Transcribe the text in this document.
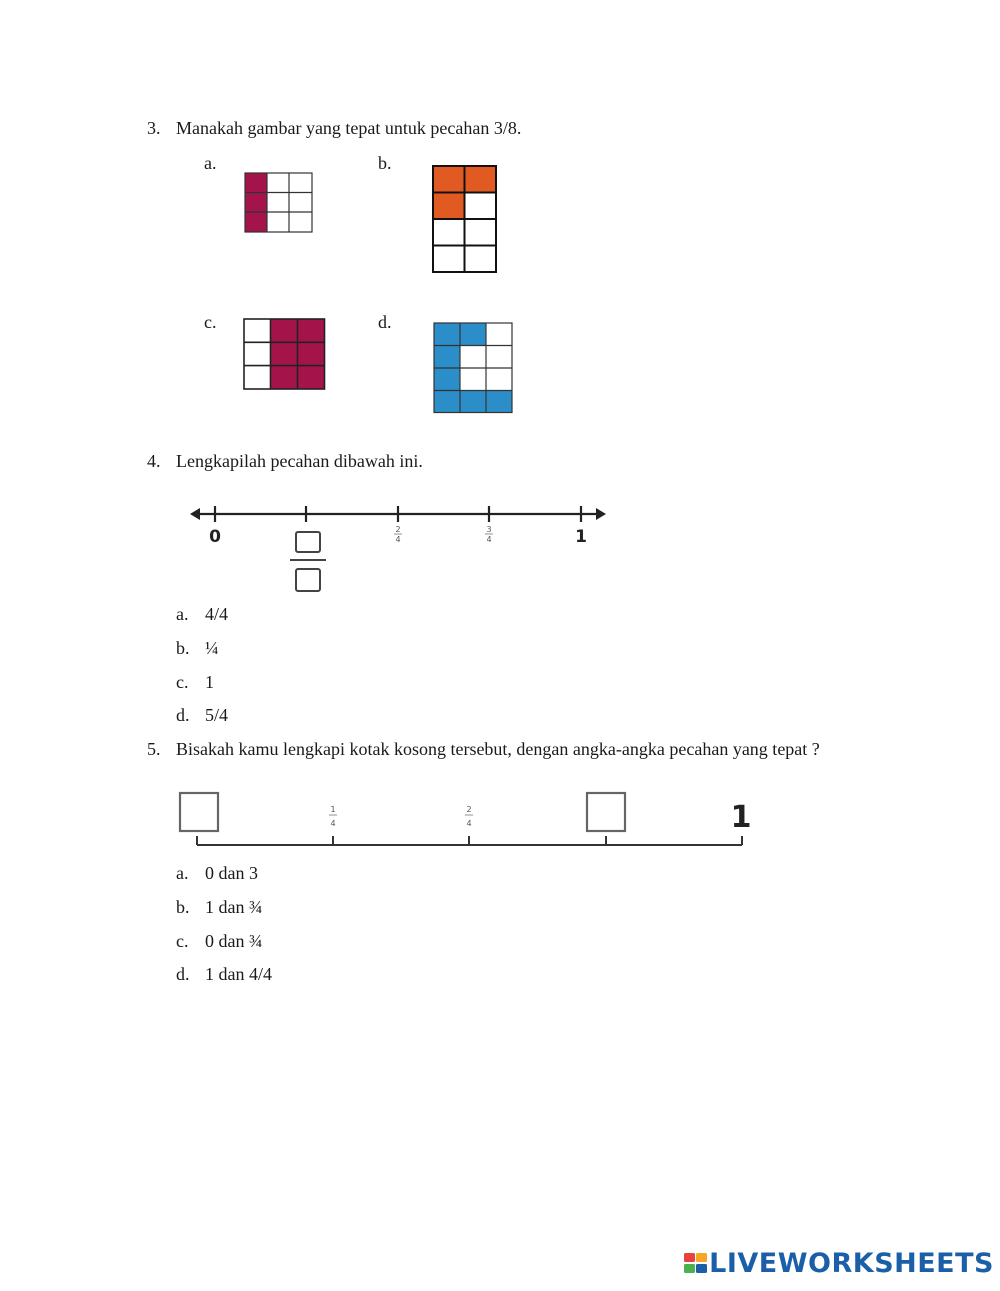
3. Manakah gambar yang tepat untuk pecahan 3/8.
a.	b.
c.	d.
4. Lengkapilah pecahan dibawah ini.
0	1
2
4
3
4
a. 4/4
b. ¼
c. 1
d. 5/4
5. Bisakah kamu lengkapi kotak kosong tersebut, dengan angka-angka pecahan yang tepat ?
1
4
2
4	1
a. 0 dan 3
b. 1 dan ¾
c. 0 dan ¾
d. 1 dan 4/4
LIVEWORKSHEETS
